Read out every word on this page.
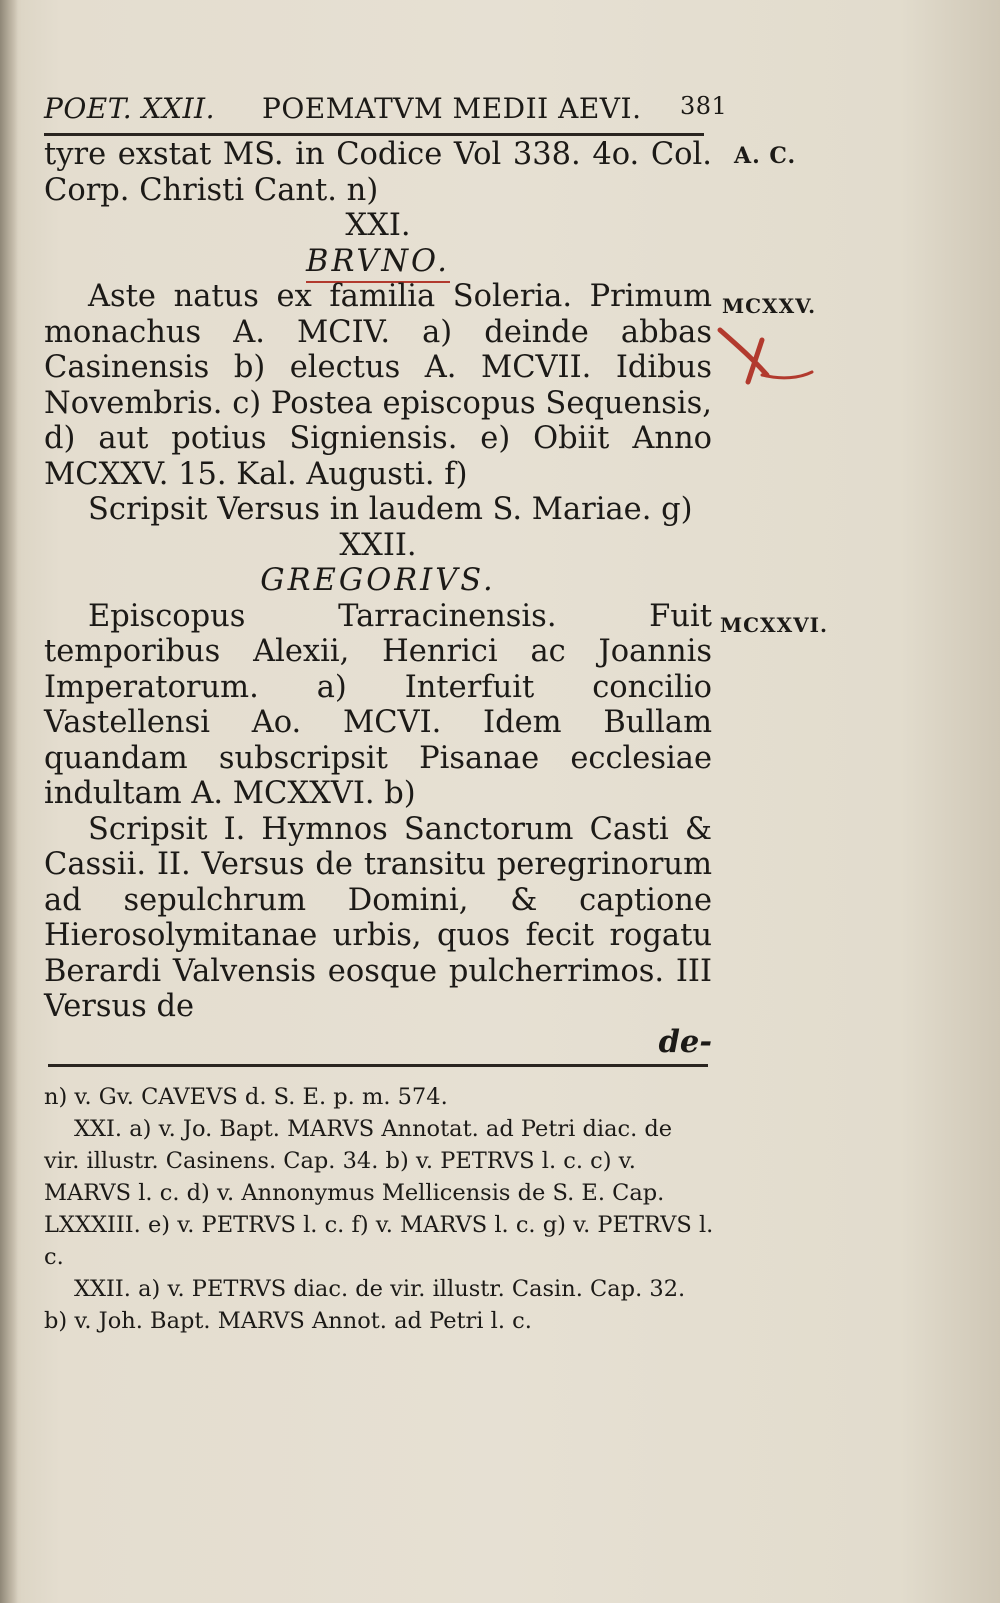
POET. XXII. POEMATVM MEDII AEVI. 381
A. C.
MCXXV.
MCXXVI.

tyre exstat MS. in Codice Vol 338. 4o. Col.

Corp. Christi Cant. n)

XXI.

BRVNO.

Aste natus ex familia Soleria. Primum monachus A. MCIV. a) deinde abbas Casinensis b) electus A. MCVII. Idibus Novembris. c) Postea episcopus Sequensis, d) aut potius Signiensis. e) Obiit Anno MCXXV. 15. Kal. Augusti. f)

Scripsit Versus in laudem S. Mariae. g)

XXII.

GREGORIVS.

Episcopus Tarracinensis. Fuit temporibus Alexii, Henrici ac Joannis Imperatorum. a) Interfuit concilio Vastellensi Ao. MCVI. Idem Bullam quandam subscripsit Pisanae ecclesiae indultam A. MCXXVI. b)

Scripsit I. Hymnos Sanctorum Casti & Cassii. II. Versus de transitu peregrinorum ad sepulchrum Domini, & captione Hierosolymitanae urbis, quos fecit rogatu Berardi Valvensis eosque pulcherrimos. III Versus de

de-

n) v. Gv. CAVEVS d. S. E. p. m. 574.

XXI. a) v. Jo. Bapt. MARVS Annotat. ad Petri diac. de vir. illustr. Casinens. Cap. 34. b) v. PETRVS l. c. c) v. MARVS l. c. d) v. Annonymus Mellicensis de S. E. Cap. LXXXIII. e) v. PETRVS l. c. f) v. MARVS l. c. g) v. PETRVS l. c.

XXII. a) v. PETRVS diac. de vir. illustr. Casin. Cap. 32. b) v. Joh. Bapt. MARVS Annot. ad Petri l. c.
